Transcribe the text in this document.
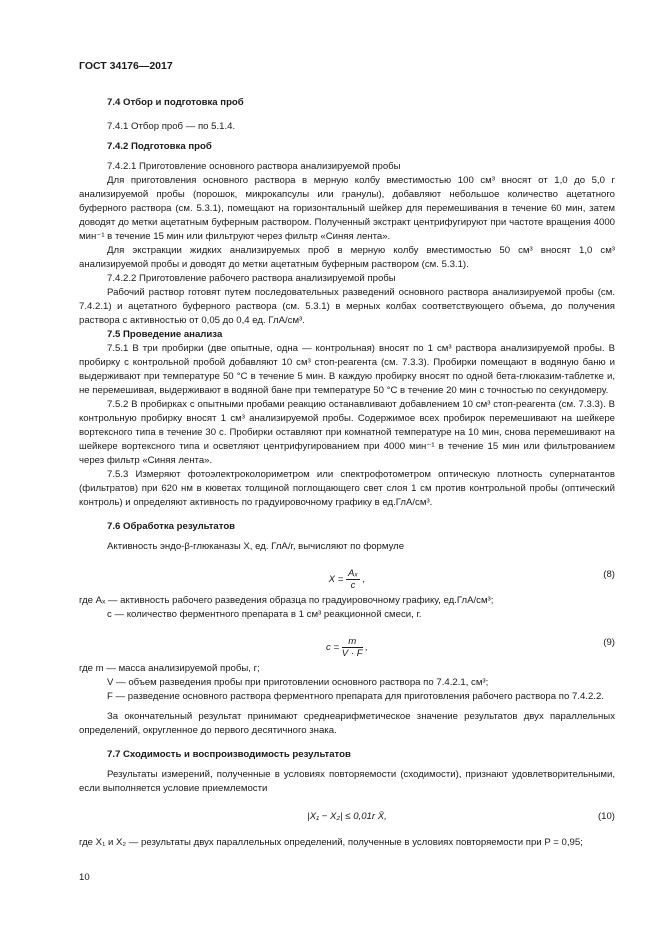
ГОСТ 34176—2017

7.4 Отбор и подготовка проб

7.4.1 Отбор проб — по 5.1.4.

7.4.2 Подготовка проб

7.4.2.1 Приготовление основного раствора анализируемой пробы

Для приготовления основного раствора в мерную колбу вместимостью 100 см³ вносят от 1,0 до 5,0 г анализируемой пробы (порошок, микрокапсулы или гранулы), добавляют небольшое количество ацетатного буферного раствора (см. 5.3.1), помещают на горизонтальный шейкер для перемешивания в течение 60 мин, затем доводят до метки ацетатным буферным раствором. Полученный экстракт центрифугируют при частоте вращения 4000 мин⁻¹ в течение 15 мин или фильтруют через фильтр «Синяя лента».

Для экстракции жидких анализируемых проб в мерную колбу вместимостью 50 см³ вносят 1,0 см³ анализируемой пробы и доводят до метки ацетатным буферным раствором (см. 5.3.1).

7.4.2.2 Приготовление рабочего раствора анализируемой пробы

Рабочий раствор готовят путем последовательных разведений основного раствора анализируемой пробы (см. 7.4.2.1) и ацетатного буферного раствора (см. 5.3.1) в мерных колбах соответствующего объема, до получения раствора с активностью от 0,05 до 0,4 ед. ГлА/см³.

7.5 Проведение анализа

7.5.1 В три пробирки (две опытные, одна — контрольная) вносят по 1 см³ раствора анализируемой пробы. В пробирку с контрольной пробой добавляют 10 см³ стоп-реагента (см. 7.3.3). Пробирки помещают в водяную баню и выдерживают при температуре 50 °С в течение 5 мин. В каждую пробирку вносят по одной бета-глюказим-таблетке и, не перемешивая, выдерживают в водяной бане при температуре 50 °С в течение 20 мин с точностью по секундомеру.

7.5.2 В пробирках с опытными пробами реакцию останавливают добавлением 10 см³ стоп-реагента (см. 7.3.3). В контрольную пробирку вносят 1 см³ анализируемой пробы. Содержимое всех пробирок перемешивают на шейкере вортексного типа в течение 30 с. Пробирки оставляют при комнатной температуре на 10 мин, снова перемешивают на шейкере вортексного типа и осветляют центрифугированием при 4000 мин⁻¹ в течение 15 мин или фильтрованием через фильтр «Синяя лента».

7.5.3 Измеряют фотоэлектроколориметром или спектрофотометром оптическую плотность супернатантов (фильтратов) при 620 нм в кюветах толщиной поглощающего свет слоя 1 см против контрольной пробы (оптический контроль) и определяют активность по градуировочному графику в ед.ГлА/см³.

7.6 Обработка результатов

Активность эндо-β-глюканазы X, ед. ГлА/г, вычисляют по формуле

$X = \frac{\text{Aₓ}}{c}$ ,	(8)

где Aₓ — активность рабочего разведения образца по градуировочному графику, ед.ГлА/см³;

c — количество ферментного препарата в 1 см³ реакционной смеси, г.

$c = \frac{m}{V \cdot F}$ ,	(9)

где m — масса анализируемой пробы, г;

V — объем разведения пробы при приготовлении основного раствора по 7.4.2.1, см³;

F — разведение основного раствора ферментного препарата для приготовления рабочего раствора по 7.4.2.2.

За окончательный результат принимают среднеарифметическое значение результатов двух параллельных определений, округленное до первого десятичного знака.

7.7 Сходимость и воспроизводимость результатов

Результаты измерений, полученные в условиях повторяемости (сходимости), признают удовлетворительными, если выполняется условие приемлемости

|X₁ − X₂| ≤ 0,01r X̄,	(10)

где X₁ и X₂ — результаты двух параллельных определений, полученные в условиях повторяемости при P = 0,95;

10
